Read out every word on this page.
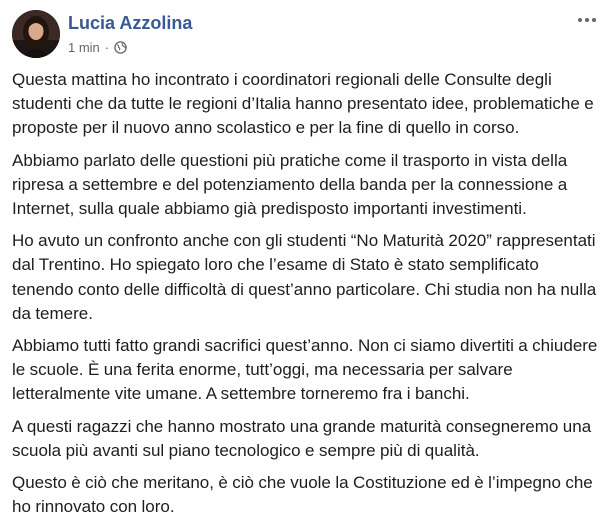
Lucia Azzolina
1 min ·

Questa mattina ho incontrato i coordinatori regionali delle Consulte degli studenti che da tutte le regioni d’Italia hanno presentato idee, problematiche e proposte per il nuovo anno scolastico e per la fine di quello in corso.

Abbiamo parlato delle questioni più pratiche come il trasporto in vista della ripresa a settembre e del potenziamento della banda per la connessione a Internet, sulla quale abbiamo già predisposto importanti investimenti.

Ho avuto un confronto anche con gli studenti “No Maturità 2020” rappresentati dal Trentino. Ho spiegato loro che l’esame di Stato è stato semplificato tenendo conto delle difficoltà di quest’anno particolare. Chi studia non ha nulla da temere.

Abbiamo tutti fatto grandi sacrifici quest’anno. Non ci siamo divertiti a chiudere le scuole. È una ferita enorme, tutt’oggi, ma necessaria per salvare letteralmente vite umane. A settembre torneremo fra i banchi.

A questi ragazzi che hanno mostrato una grande maturità consegneremo una scuola più avanti sul piano tecnologico e sempre più di qualità.

Questo è ciò che meritano, è ciò che vuole la Costituzione ed è l’impegno che ho rinnovato con loro.
